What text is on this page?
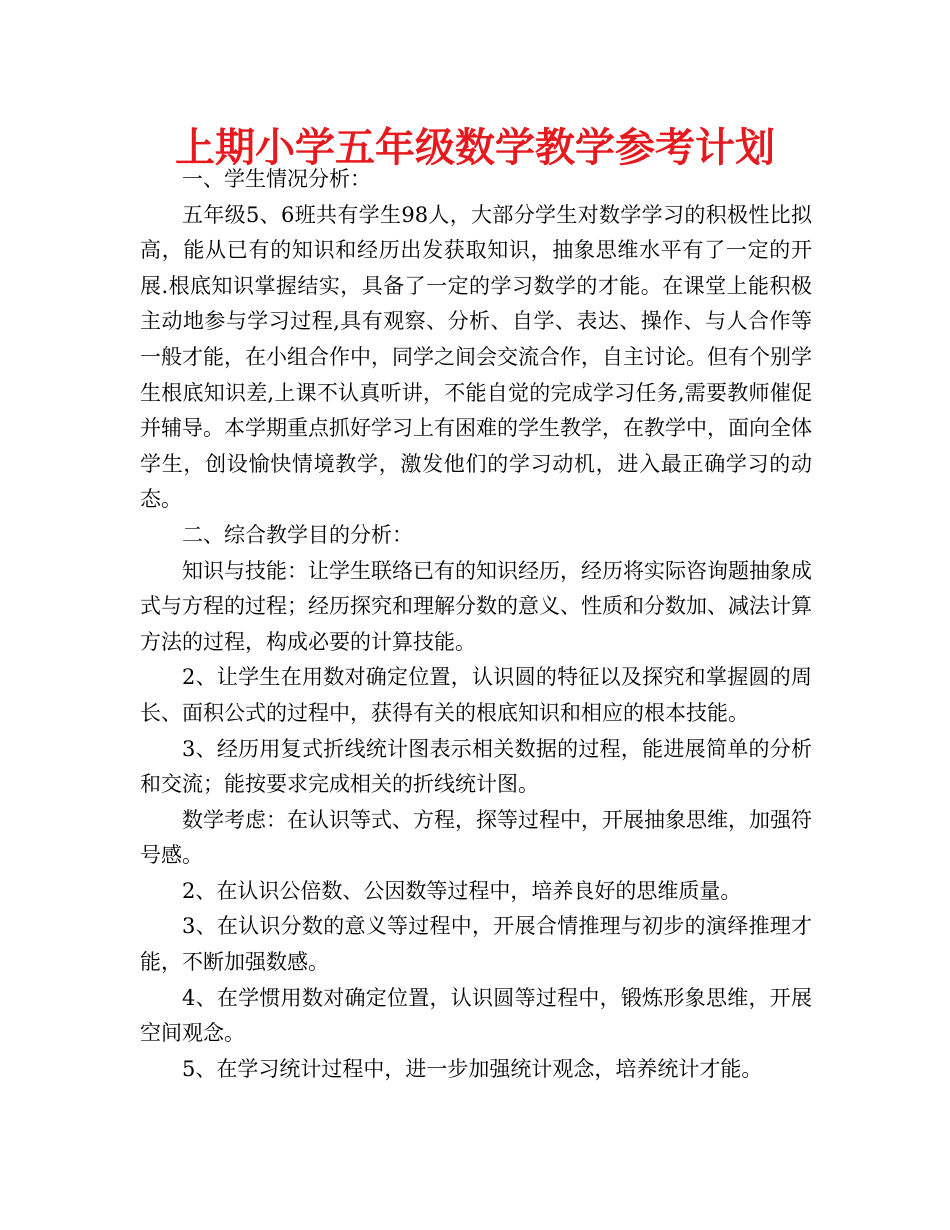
上期小学五年级数学教学参考计划

一、学生情况分析：

五年级5、6班共有学生98人，大部分学生对数学学习的积极性比拟高，能从已有的知识和经历出发获取知识，抽象思维水平有了一定的开展.根底知识掌握结实，具备了一定的学习数学的才能。在课堂上能积极主动地参与学习过程,具有观察、分析、自学、表达、操作、与人合作等一般才能，在小组合作中，同学之间会交流合作，自主讨论。但有个别学生根底知识差,上课不认真听讲，不能自觉的完成学习任务,需要教师催促并辅导。本学期重点抓好学习上有困难的学生教学，在教学中，面向全体学生，创设愉快情境教学，激发他们的学习动机，进入最正确学习的动态。

二、综合教学目的分析：

知识与技能：让学生联络已有的知识经历，经历将实际咨询题抽象成式与方程的过程；经历探究和理解分数的意义、性质和分数加、减法计算方法的过程，构成必要的计算技能。

2、让学生在用数对确定位置，认识圆的特征以及探究和掌握圆的周长、面积公式的过程中，获得有关的根底知识和相应的根本技能。

3、经历用复式折线统计图表示相关数据的过程，能进展简单的分析和交流；能按要求完成相关的折线统计图。

数学考虑：在认识等式、方程，探等过程中，开展抽象思维，加强符号感。

2、在认识公倍数、公因数等过程中，培养良好的思维质量。

3、在认识分数的意义等过程中，开展合情推理与初步的演绎推理才能，不断加强数感。

4、在学惯用数对确定位置，认识圆等过程中，锻炼形象思维，开展空间观念。

5、在学习统计过程中，进一步加强统计观念，培养统计才能。
